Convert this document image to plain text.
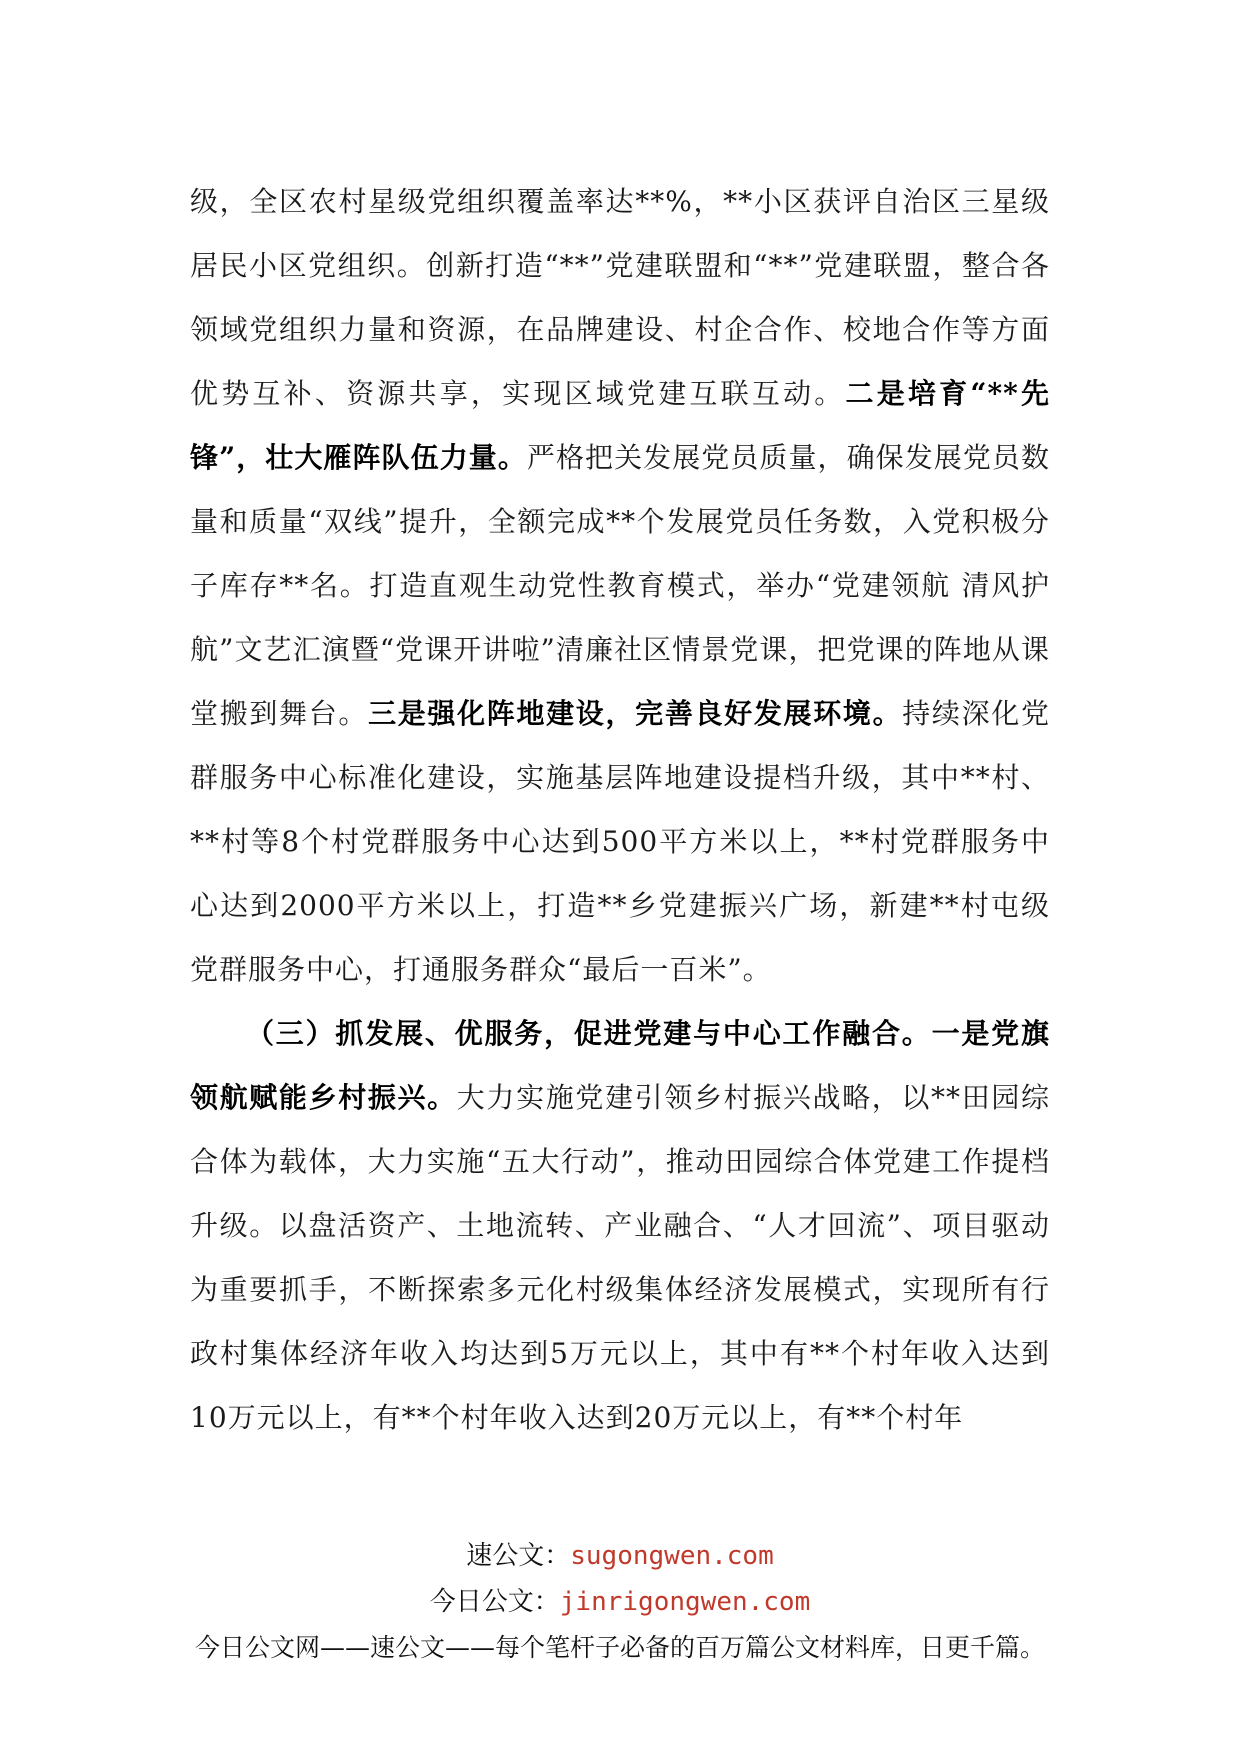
级，全区农村星级党组织覆盖率达**%，**小区获评自治区三星级居民小区党组织。创新打造“**”党建联盟和“**”党建联盟，整合各领域党组织力量和资源，在品牌建设、村企合作、校地合作等方面优势互补、资源共享，实现区域党建互联互动。二是培育“**先锋”，壮大雁阵队伍力量。严格把关发展党员质量，确保发展党员数量和质量“双线”提升，全额完成**个发展党员任务数，入党积极分子库存**名。打造直观生动党性教育模式，举办“党建领航 清风护航”文艺汇演暨“党课开讲啦”清廉社区情景党课，把党课的阵地从课堂搬到舞台。三是强化阵地建设，完善良好发展环境。持续深化党群服务中心标准化建设，实施基层阵地建设提档升级，其中**村、**村等8个村党群服务中心达到500平方米以上，**村党群服务中心达到2000平方米以上，打造**乡党建振兴广场，新建**村屯级党群服务中心，打通服务群众“最后一百米”。

（三）抓发展、优服务，促进党建与中心工作融合。一是党旗领航赋能乡村振兴。大力实施党建引领乡村振兴战略，以**田园综合体为载体，大力实施“五大行动”，推动田园综合体党建工作提档升级。以盘活资产、土地流转、产业融合、“人才回流”、项目驱动为重要抓手，不断探索多元化村级集体经济发展模式，实现所有行政村集体经济年收入均达到5万元以上，其中有**个村年收入达到10万元以上，有**个村年收入达到20万元以上，有**个村年

速公文：sugongwen.com
今日公文：jinrigongwen.com
今日公文网——速公文——每个笔杆子必备的百万篇公文材料库，日更千篇。
